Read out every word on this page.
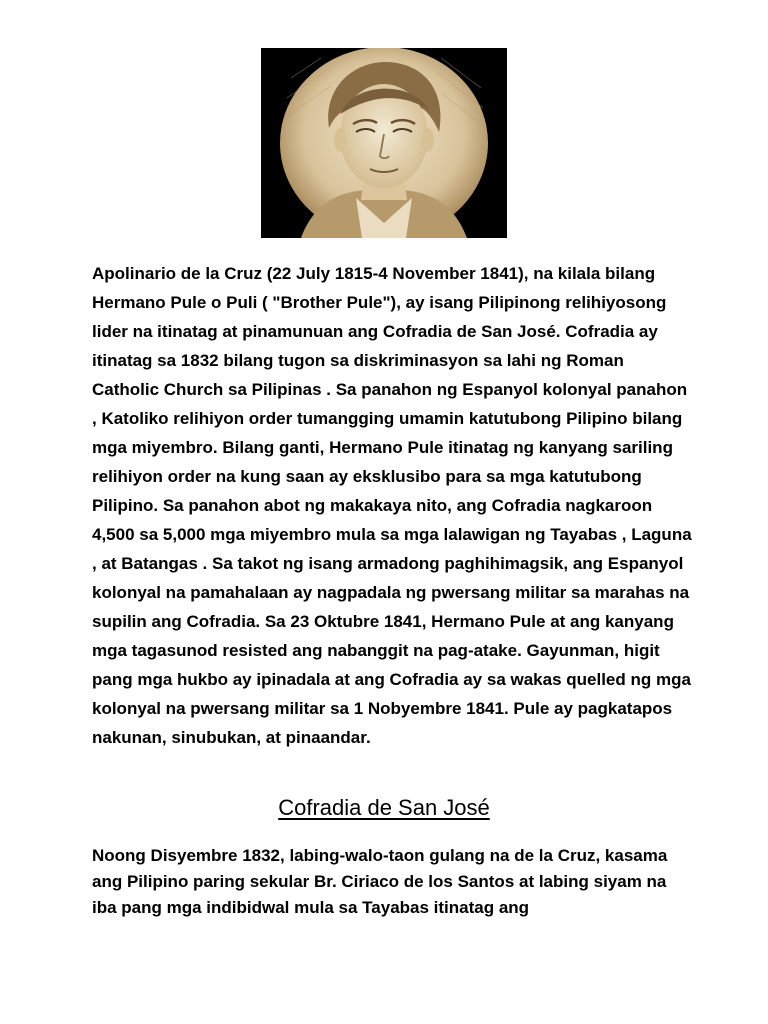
Apolinario de la Cruz (22 July 1815-4 November 1841), na kilala bilang Hermano Pule o Puli ( "Brother Pule"), ay isang Pilipinong relihiyosong lider na itinatag at pinamunuan ang Cofradia de San José. Cofradia ay itinatag sa 1832 bilang tugon sa diskriminasyon sa lahi ng Roman Catholic Church sa Pilipinas . Sa panahon ng Espanyol kolonyal panahon , Katoliko relihiyon order tumangging umamin katutubong Pilipino bilang mga miyembro. Bilang ganti, Hermano Pule itinatag ng kanyang sariling relihiyon order na kung saan ay eksklusibo para sa mga katutubong Pilipino. Sa panahon abot ng makakaya nito, ang Cofradia nagkaroon 4,500 sa 5,000 mga miyembro mula sa mga lalawigan ng Tayabas , Laguna , at Batangas . Sa takot ng isang armadong paghihimagsik, ang Espanyol kolonyal na pamahalaan ay nagpadala ng pwersang militar sa marahas na supilin ang Cofradia. Sa 23 Oktubre 1841, Hermano Pule at ang kanyang mga tagasunod resisted ang nabanggit na pag-atake. Gayunman, higit pang mga hukbo ay ipinadala at ang Cofradia ay sa wakas quelled ng mga kolonyal na pwersang militar sa 1 Nobyembre 1841. Pule ay pagkatapos nakunan, sinubukan, at pinaandar.

Cofradia de San José

Noong Disyembre 1832, labing-walo-taon gulang na de la Cruz, kasama ang Pilipino paring sekular Br. Ciriaco de los Santos at labing siyam na iba pang mga indibidwal mula sa Tayabas itinatag ang
